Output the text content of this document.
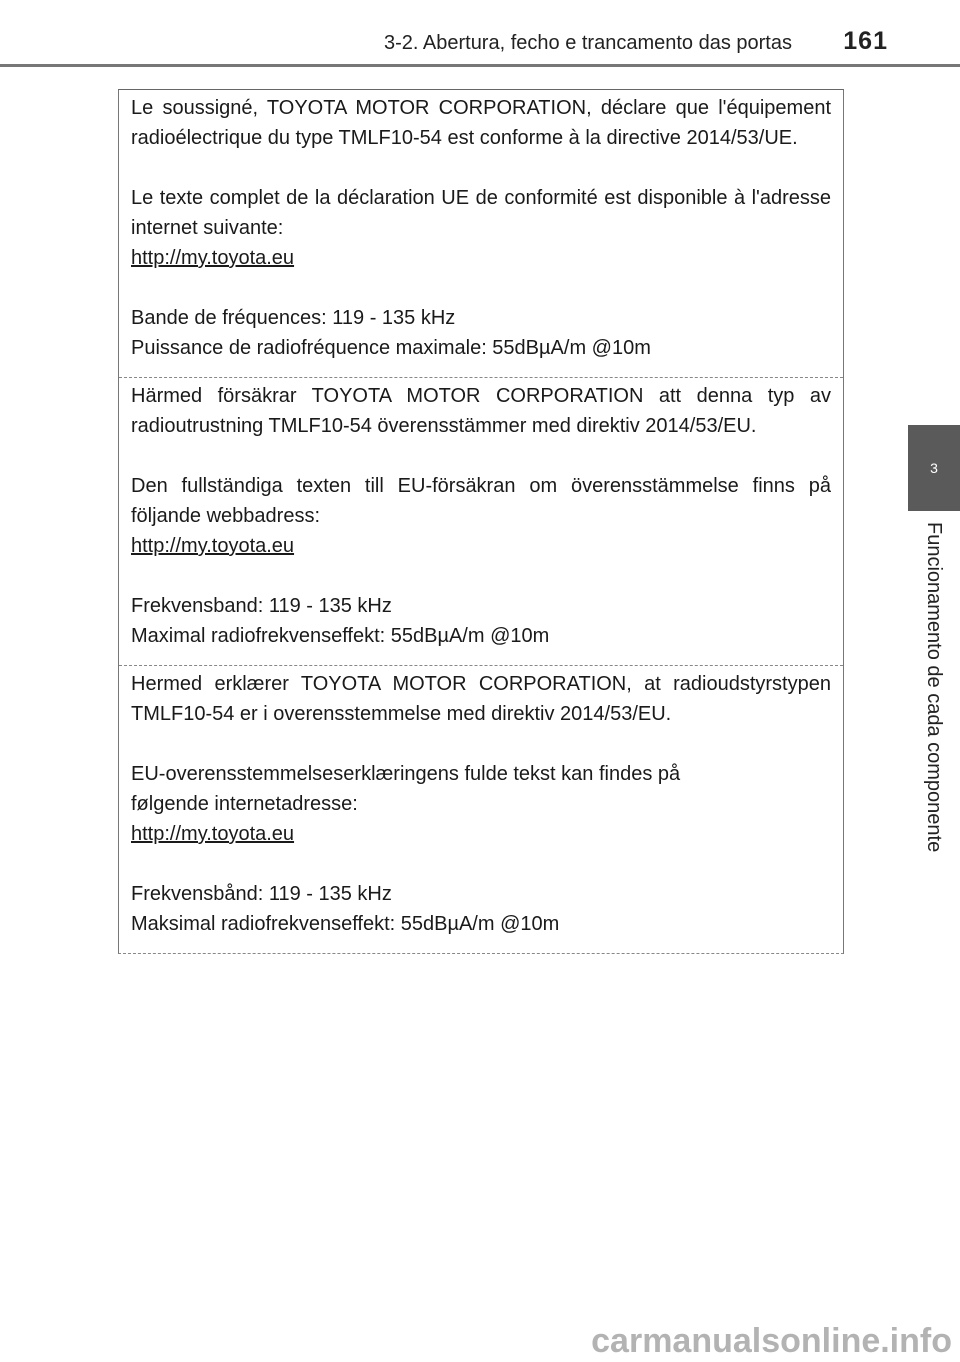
3-2. Abertura, fecho e trancamento das portas 161
3
Funcionamento de cada componente

Le soussigné, TOYOTA MOTOR CORPORATION, déclare que l'équipement radioélectrique du type TMLF10-54 est conforme à la directive 2014/53/UE.

Le texte complet de la déclaration UE de conformité est disponible à l'adresse internet suivante:

http://my.toyota.eu

Bande de fréquences: 119 - 135 kHz

Puissance de radiofréquence maximale: 55dBµA/m @10m

Härmed försäkrar TOYOTA MOTOR CORPORATION att denna typ av radioutrustning TMLF10-54 överensstämmer med direktiv 2014/53/EU.

Den fullständiga texten till EU-försäkran om överensstämmelse finns på följande webbadress:

http://my.toyota.eu

Frekvensband: 119 - 135 kHz

Maximal radiofrekvenseffekt: 55dBµA/m @10m

Hermed erklærer TOYOTA MOTOR CORPORATION, at radioudstyrstypen TMLF10-54 er i overensstemmelse med direktiv 2014/53/EU.

EU-overensstemmelseserklæringens fulde tekst kan findes på

følgende internetadresse:

http://my.toyota.eu

Frekvensbånd: 119 - 135 kHz

Maksimal radiofrekvenseffekt: 55dBµA/m @10m

carmanualsonline.info
